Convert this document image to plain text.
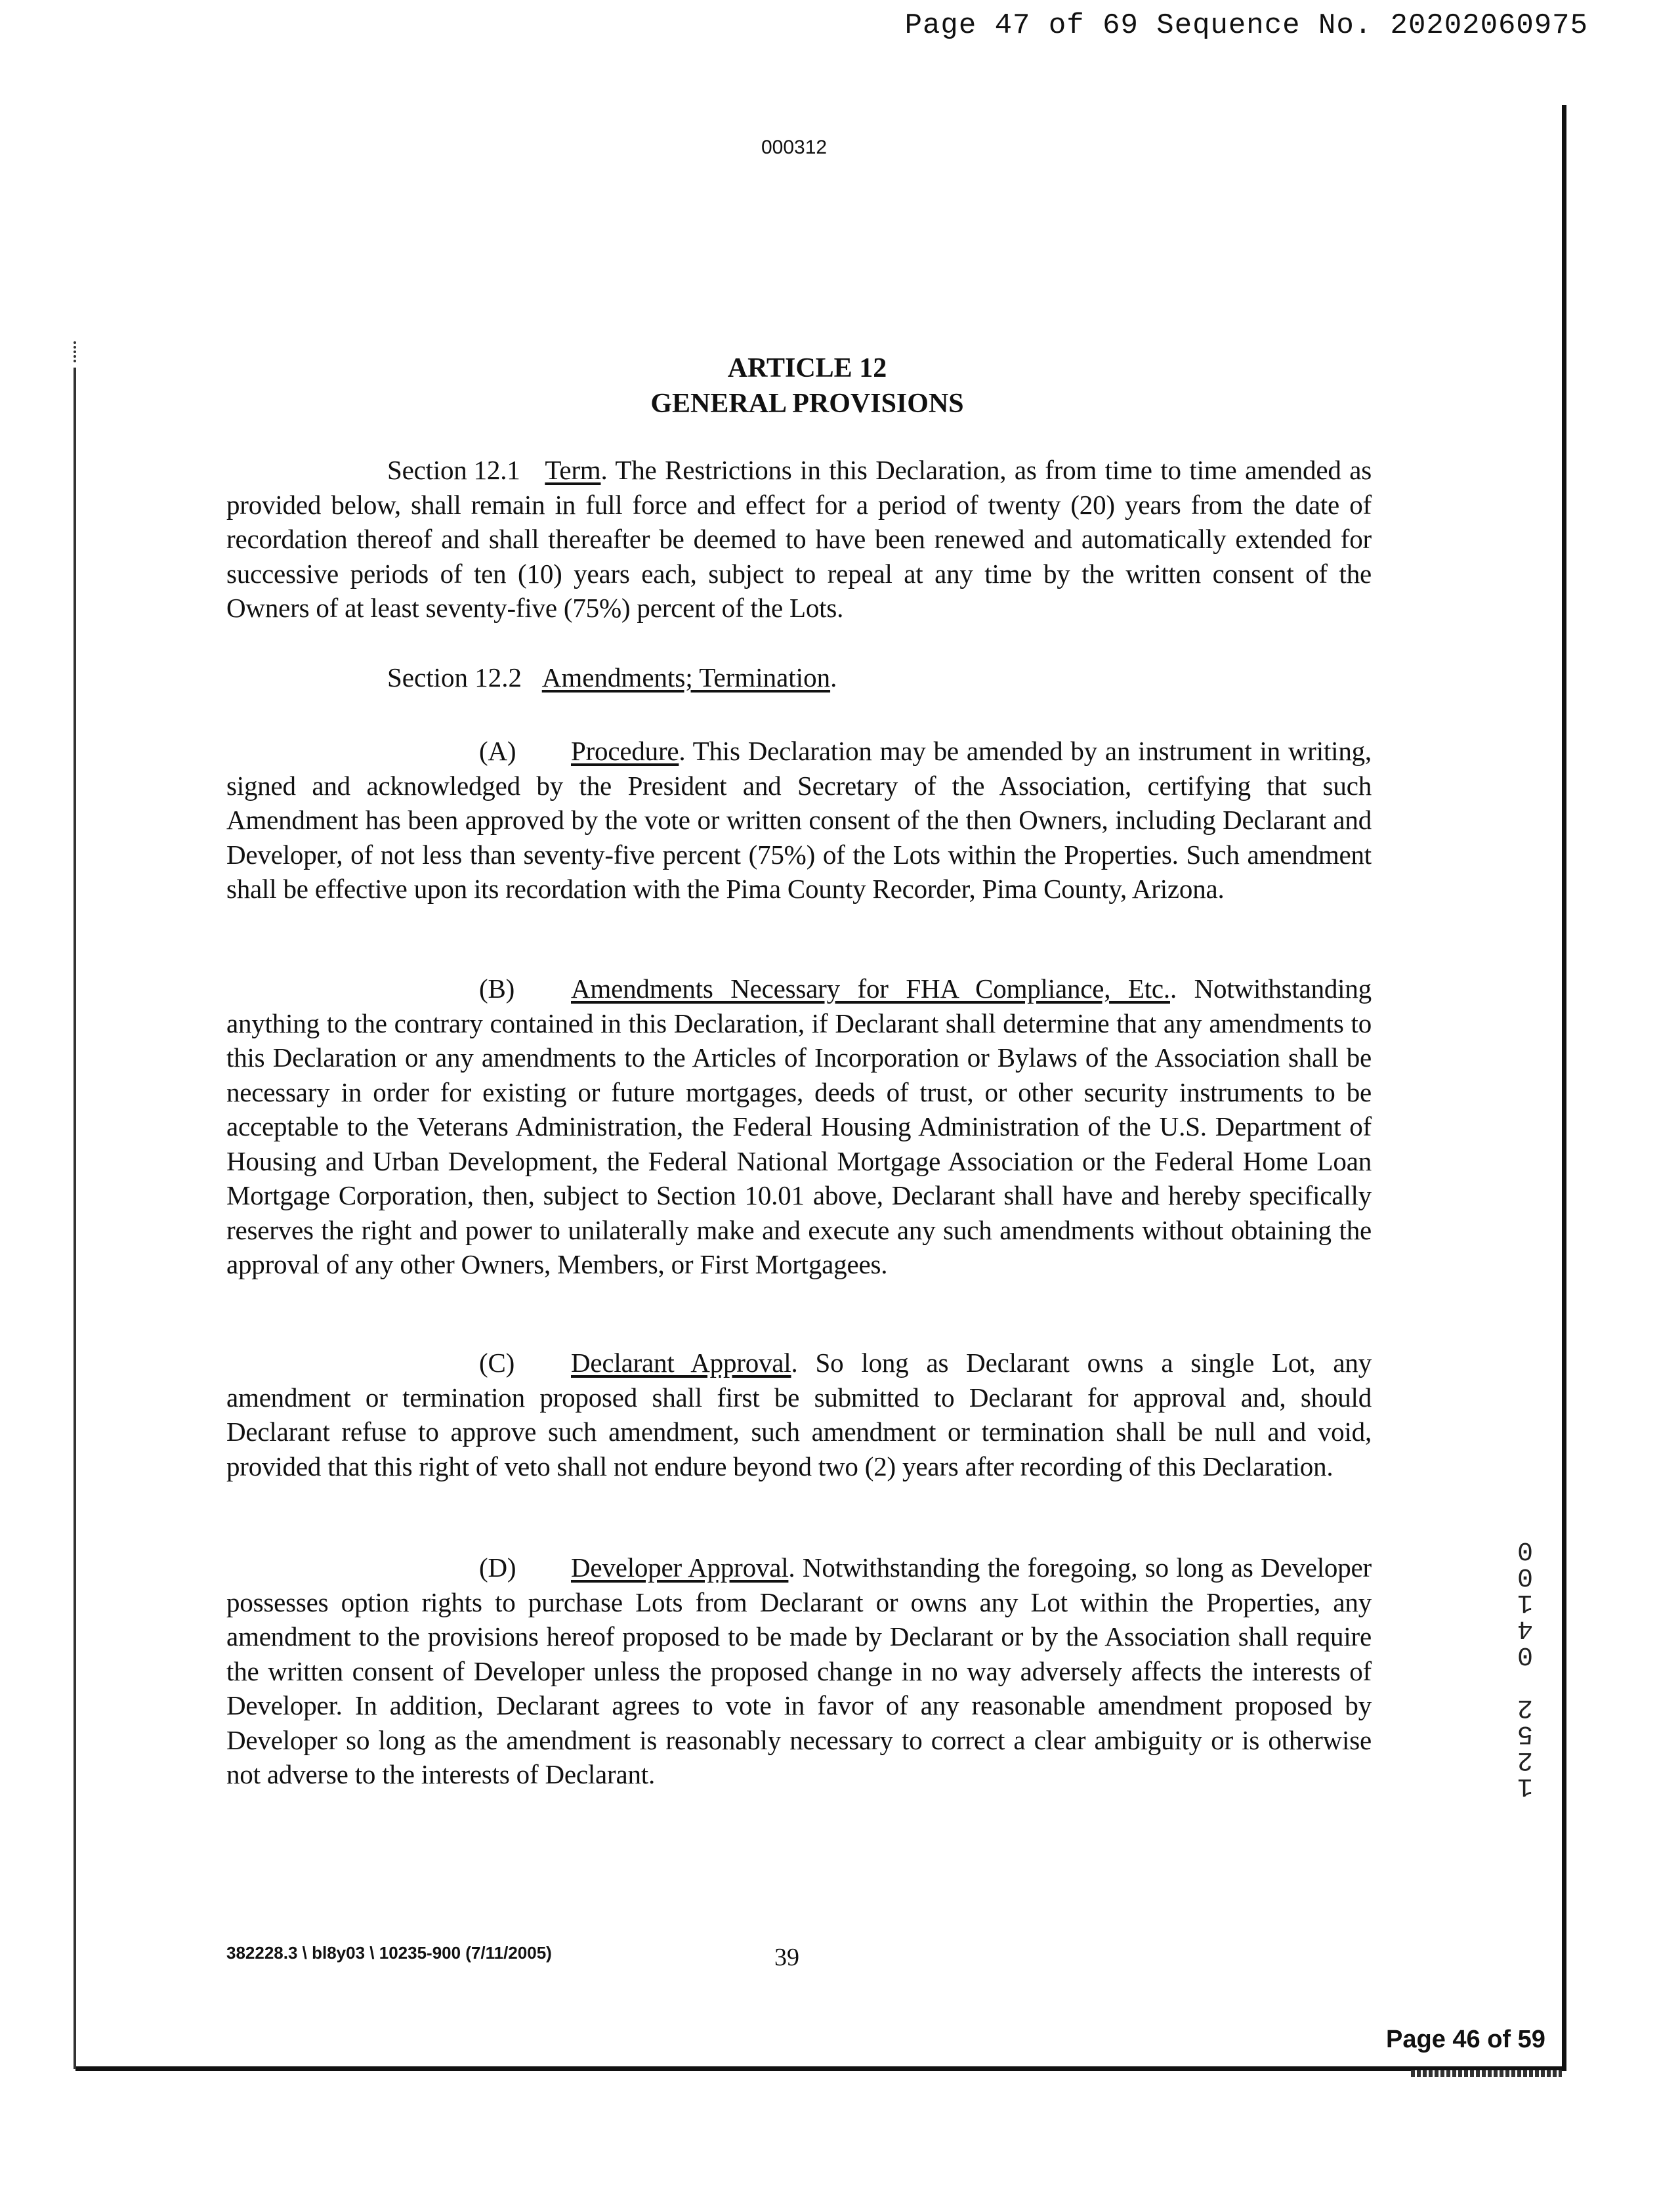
Page 47 of 69 Sequence No. 20202060975
000312
ARTICLE 12
GENERAL PROVISIONS
Section 12.1 Term. The Restrictions in this Declaration, as from time to time amended as provided below, shall remain in full force and effect for a period of twenty (20) years from the date of recordation thereof and shall thereafter be deemed to have been renewed and automatically extended for successive periods of ten (10) years each, subject to repeal at any time by the written consent of the Owners of at least seventy-five (75%) percent of the Lots.
Section 12.2 Amendments; Termination.
(A) Procedure. This Declaration may be amended by an instrument in writing, signed and acknowledged by the President and Secretary of the Association, certifying that such Amendment has been approved by the vote or written consent of the then Owners, including Declarant and Developer, of not less than seventy-five percent (75%) of the Lots within the Properties. Such amendment shall be effective upon its recordation with the Pima County Recorder, Pima County, Arizona.
(B) Amendments Necessary for FHA Compliance, Etc.. Notwithstanding anything to the contrary contained in this Declaration, if Declarant shall determine that any amendments to this Declaration or any amendments to the Articles of Incorporation or Bylaws of the Association shall be necessary in order for existing or future mortgages, deeds of trust, or other security instruments to be acceptable to the Veterans Administration, the Federal Housing Administration of the U.S. Department of Housing and Urban Development, the Federal National Mortgage Association or the Federal Home Loan Mortgage Corporation, then, subject to Section 10.01 above, Declarant shall have and hereby specifically reserves the right and power to unilaterally make and execute any such amendments without obtaining the approval of any other Owners, Members, or First Mortgagees.
(C) Declarant Approval. So long as Declarant owns a single Lot, any amendment or termination proposed shall first be submitted to Declarant for approval and, should Declarant refuse to approve such amendment, such amendment or termination shall be null and void, provided that this right of veto shall not endure beyond two (2) years after recording of this Declaration.
(D) Developer Approval. Notwithstanding the foregoing, so long as Developer possesses option rights to purchase Lots from Declarant or owns any Lot within the Properties, any amendment to the provisions hereof proposed to be made by Declarant or by the Association shall require the written consent of Developer unless the proposed change in no way adversely affects the interests of Developer. In addition, Declarant agrees to vote in favor of any reasonable amendment proposed by Developer so long as the amendment is reasonably necessary to correct a clear ambiguity or is otherwise not adverse to the interests of Declarant.	1
2
5
2
0
4
1
0
0
382228.3 \ bl8y03 \ 10235-900 (7/11/2005)	39
Page 46 of 59
